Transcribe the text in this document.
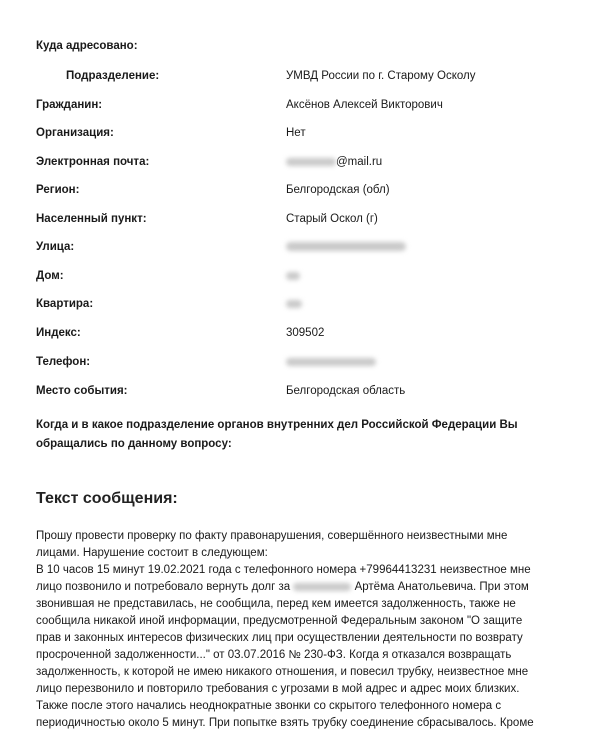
Куда адресовано:
Подразделение:	УМВД России по г. Старому Осколу
Гражданин:	Аксёнов Алексей Викторович
Организация:	Нет
Электронная почта:	@mail.ru
Регион:	Белгородская (обл)
Населенный пункт:	Старый Оскол (г)
Улица:
Дом:
Квартира:
Индекс:	309502
Телефон:
Место события:	Белгородская область
Когда и в какое подразделение органов внутренних дел Российской Федерации Вы
обращались по данному вопросу:
Текст сообщения:

Прошу провести проверку по факту правонарушения, совершённого неизвестными мне

лицами. Нарушение состоит в следующем:

В 10 часов 15 минут 19.02.2021 года с телефонного номера +79964413231 неизвестное мне

лицо позвонило и потребовало вернуть долг за	Артёма Анатольевича. При этом

звонившая не представилась, не сообщила, перед кем имеется задолженность, также не

сообщила никакой иной информации, предусмотренной Федеральным законом "О защите

прав и законных интересов физических лиц при осуществлении деятельности по возврату

просроченной задолженности..." от 03.07.2016 № 230-ФЗ. Когда я отказался возвращать

задолженность, к которой не имею никакого отношения, и повесил трубку, неизвестное мне

лицо перезвонило и повторило требования с угрозами в мой адрес и адрес моих близких.

Также после этого начались неоднократные звонки со скрытого телефонного номера с

периодичностью около 5 минут. При попытке взять трубку соединение сбрасывалось. Кроме
